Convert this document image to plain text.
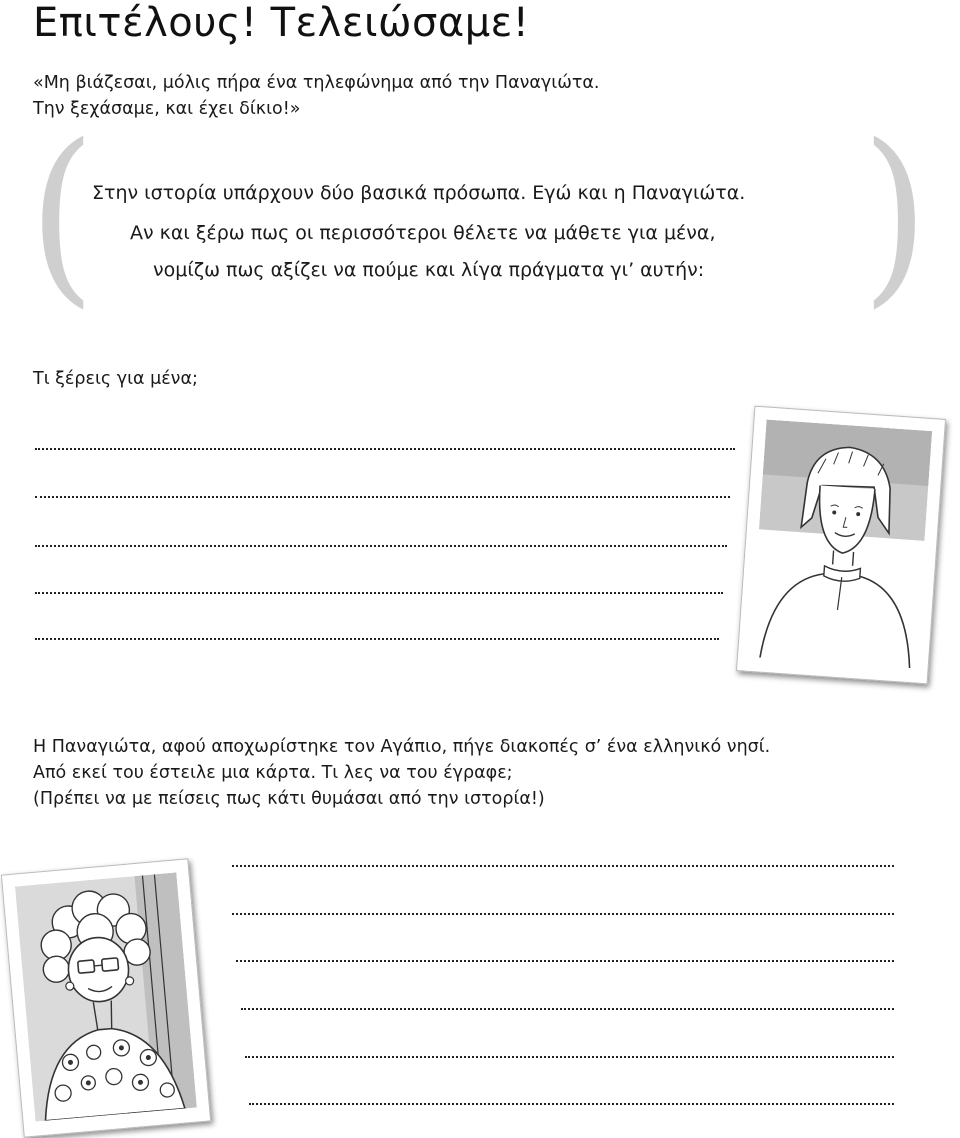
Επιτέλους! Τελειώσαμε!
«Μη βιάζεσαι, μόλις πήρα ένα τηλεφώνημα από την Παναγιώτα.
Την ξεχάσαμε, και έχει δίκιο!»
(	)
Στην ιστορία υπάρχουν δύο βασικά πρόσωπα. Εγώ και η Παναγιώτα.
Αν και ξέρω πως οι περισσότεροι θέλετε να μάθετε για μένα,
νομίζω πως αξίζει να πούμε και λίγα πράγματα γι’ αυτήν:
Τι ξέρεις για μένα;
Η Παναγιώτα, αφού αποχωρίστηκε τον Αγάπιο, πήγε διακοπές σ’ ένα ελληνικό νησί.
Από εκεί του έστειλε μια κάρτα. Τι λες να του έγραφε;
(Πρέπει να με πείσεις πως κάτι θυμάσαι από την ιστορία!)
